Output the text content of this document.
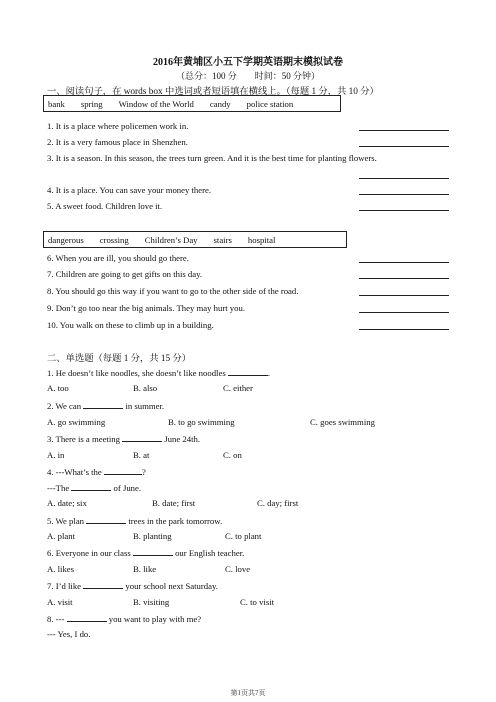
2016年黄埔区小五下学期英语期末模拟试卷
（总分：100 分　　时间：50 分钟）
一、阅读句子，在 words box 中选词或者短语填在横线上。（每题 1 分，共 10 分）
bank spring Window of the World candy police station
1. It is a place where policemen work in.
2. It is a very famous place in Shenzhen.
3. It is a season. In this season, the trees turn green. And it is the best time for planting flowers.
4. It is a place. You can save your money there.
5. A sweet food. Children love it.
dangerous crossing Children’s Day stairs hospital
6. When you are ill, you should go there.
7. Children are going to get gifts on this day.
8. You should go this way if you want to go to the other side of the road.
9. Don’t go too near the big animals. They may hurt you.
10. You walk on these to climb up in a building.
二、单选题（每题 1 分，共 15 分）
1. He doesn’t like noodles, she doesn’t like noodles	.
A. too	B. also	C. either
2. We can	in summer.
A. go swimming	B. to go swimming	C. goes swimming
3. There is a meeting	June 24th.
A. in	B. at	C. on
4. ---What’s the	?
---The	of June.
A. date; six	B. date; first	C. day; first
5. We plan	trees in the park tomorrow.
A. plant	B. planting	C. to plant
6. Everyone in our class	our English teacher.
A. likes	B. like	C. love
7. I’d like	your school next Saturday.
A. visit	B. visiting	C. to visit
8. ---	you want to play with me?
--- Yes, I do.
第1页共7页
